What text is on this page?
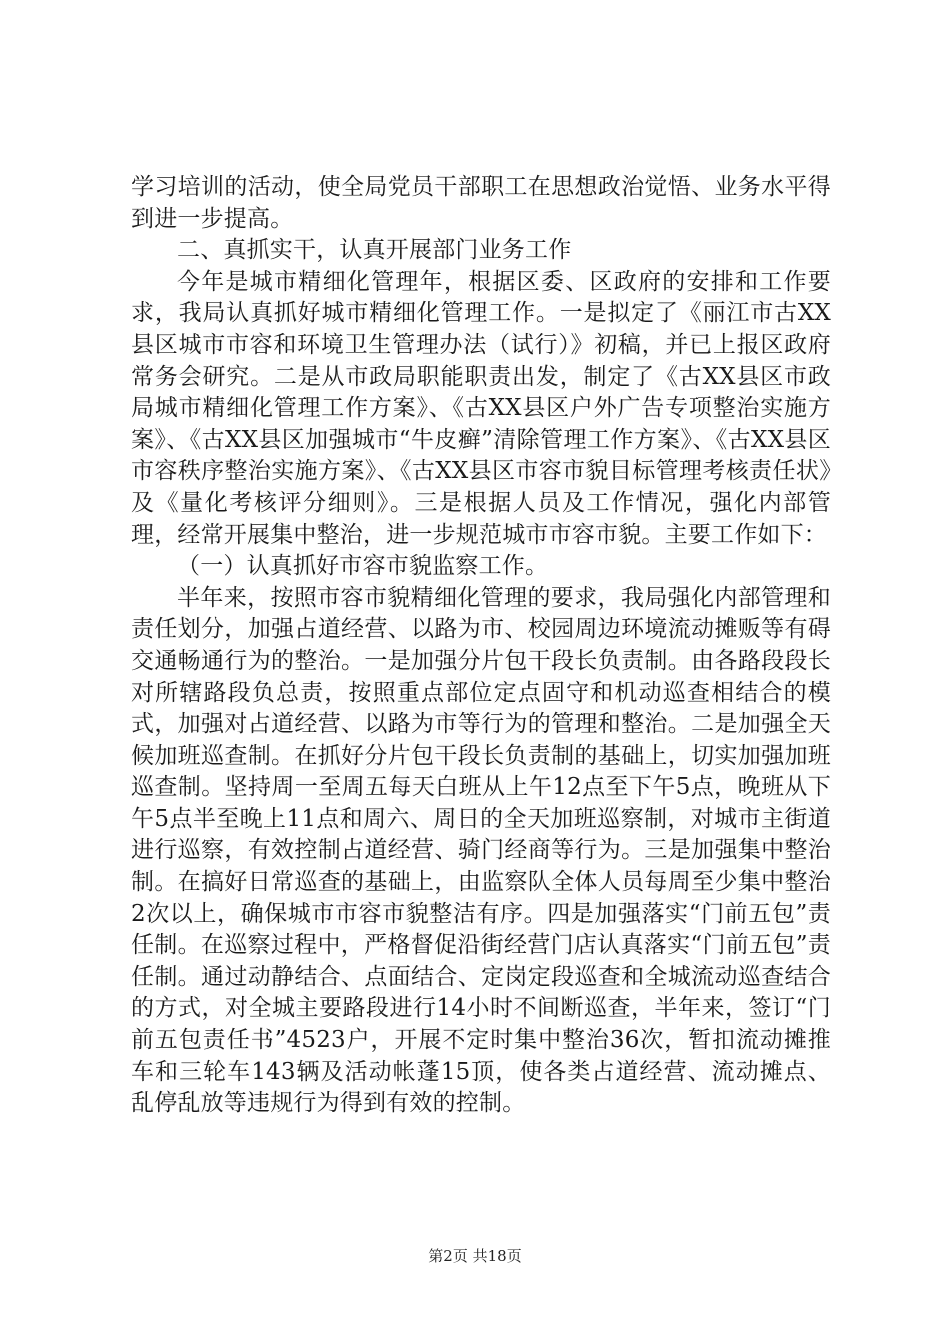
学习培训的活动，使全局党员干部职工在思想政治觉悟、业务水平得到进一步提高。

二、真抓实干，认真开展部门业务工作

今年是城市精细化管理年，根据区委、区政府的安排和工作要求，我局认真抓好城市精细化管理工作。一是拟定了《丽江市古XX县区城市市容和环境卫生管理办法（试行）》初稿，并已上报区政府常务会研究。二是从市政局职能职责出发，制定了《古XX县区市政局城市精细化管理工作方案》、《古XX县区户外广告专项整治实施方案》、《古XX县区加强城市“牛皮癣”清除管理工作方案》、《古XX县区市容秩序整治实施方案》、《古XX县区市容市貌目标管理考核责任状》及《量化考核评分细则》。三是根据人员及工作情况，强化内部管理，经常开展集中整治，进一步规范城市市容市貌。主要工作如下：

（一）认真抓好市容市貌监察工作。

半年来，按照市容市貌精细化管理的要求，我局强化内部管理和责任划分，加强占道经营、以路为市、校园周边环境流动摊贩等有碍交通畅通行为的整治。一是加强分片包干段长负责制。由各路段段长对所辖路段负总责，按照重点部位定点固守和机动巡查相结合的模式，加强对占道经营、以路为市等行为的管理和整治。二是加强全天候加班巡查制。在抓好分片包干段长负责制的基础上，切实加强加班巡查制。坚持周一至周五每天白班从上午12点至下午5点，晚班从下午5点半至晚上11点和周六、周日的全天加班巡察制，对城市主街道进行巡察，有效控制占道经营、骑门经商等行为。三是加强集中整治制。在搞好日常巡查的基础上，由监察队全体人员每周至少集中整治2次以上，确保城市市容市貌整洁有序。四是加强落实“门前五包”责任制。在巡察过程中，严格督促沿街经营门店认真落实“门前五包”责任制。通过动静结合、点面结合、定岗定段巡查和全城流动巡查结合的方式，对全城主要路段进行14小时不间断巡查，半年来，签订“门前五包责任书”4523户，开展不定时集中整治36次，暂扣流动摊推车和三轮车143辆及活动帐蓬15顶，使各类占道经营、流动摊点、乱停乱放等违规行为得到有效的控制。

第2页 共18页
